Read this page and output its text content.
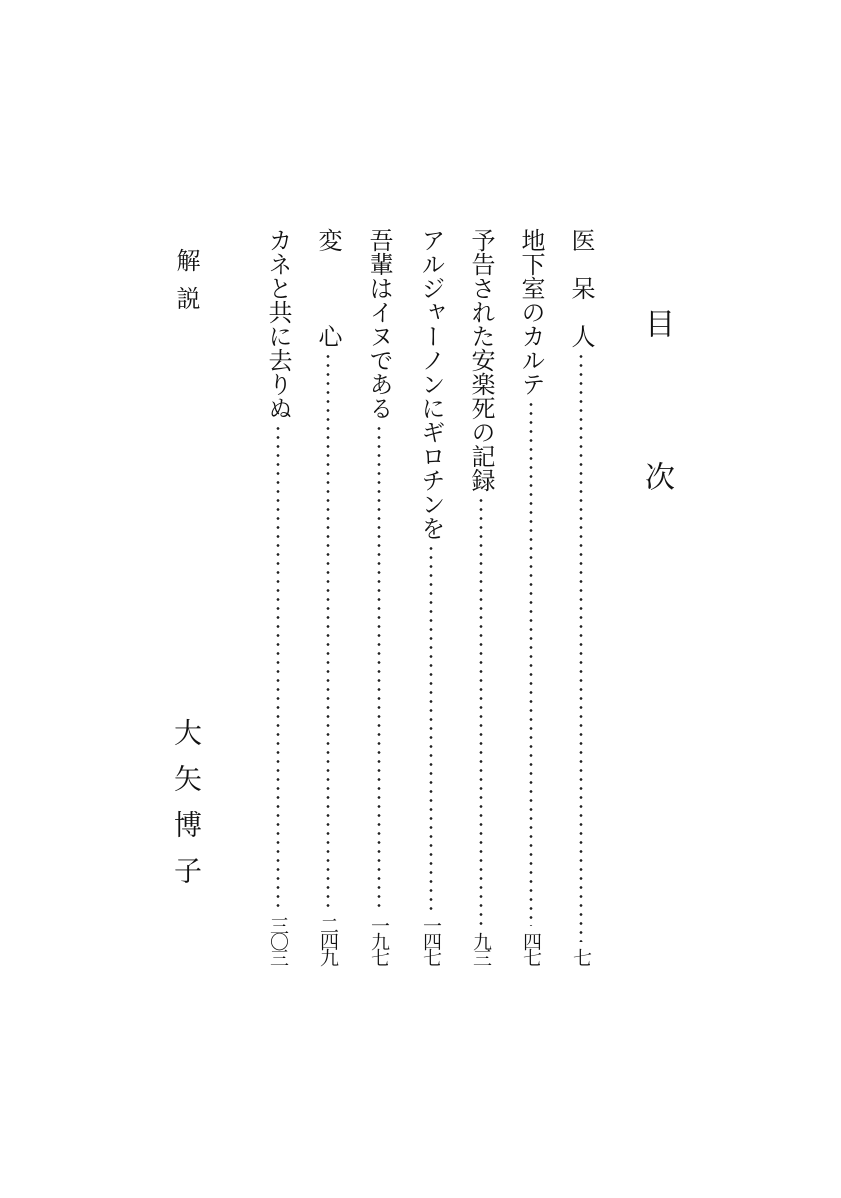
目 次
医　呆　人
七
地下室のカルテ
四七
予告された安楽死の記録
九三
アルジャーノンにギロチンを
一四七
吾輩はイヌである
一九七
変　　　心
二四九
カネと共に去りぬ
三〇三
解説
大矢博子
